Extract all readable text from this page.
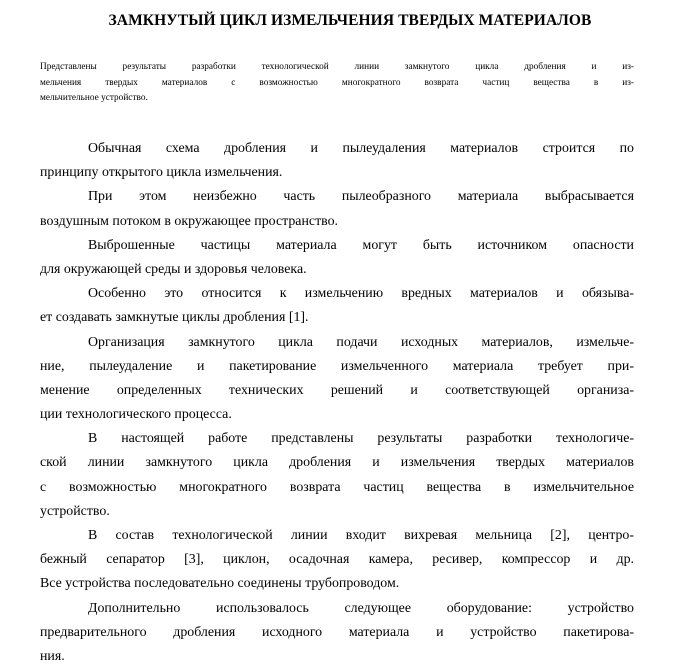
ЗАМКНУТЫЙ ЦИКЛ ИЗМЕЛЬЧЕНИЯ ТВЕРДЫХ МАТЕРИАЛОВ
Представлены результаты разработки технологической линии замкнутого цикла дробления и из-
мельчения твердых материалов с возможностью многократного возврата частиц вещества в из-
мельчительное устройство.
Обычная схема дробления и пылеудаления материалов строится по
принципу открытого цикла измельчения.
При этом неизбежно часть пылеобразного материала выбрасывается
воздушным потоком в окружающее пространство.
Выброшенные частицы материала могут быть источником опасности
для окружающей среды и здоровья человека.
Особенно это относится к измельчению вредных материалов и обязыва-
ет создавать замкнутые циклы дробления [1].
Организация замкнутого цикла подачи исходных материалов, измельче-
ние, пылеудаление и пакетирование измельченного материала требует при-
менение определенных технических решений и соответствующей организа-
ции технологического процесса.
В настоящей работе представлены результаты разработки технологиче-
ской линии замкнутого цикла дробления и измельчения твердых материалов
с возможностью многократного возврата частиц вещества в измельчительное
устройство.
В состав технологической линии входит вихревая мельница [2], центро-
бежный сепаратор [3], циклон, осадочная камера, ресивер, компрессор и др.
Все устройства последовательно соединены трубопроводом.
Дополнительно использовалось следующее оборудование: устройство
предварительного дробления исходного материала и устройство пакетирова-
ния.
